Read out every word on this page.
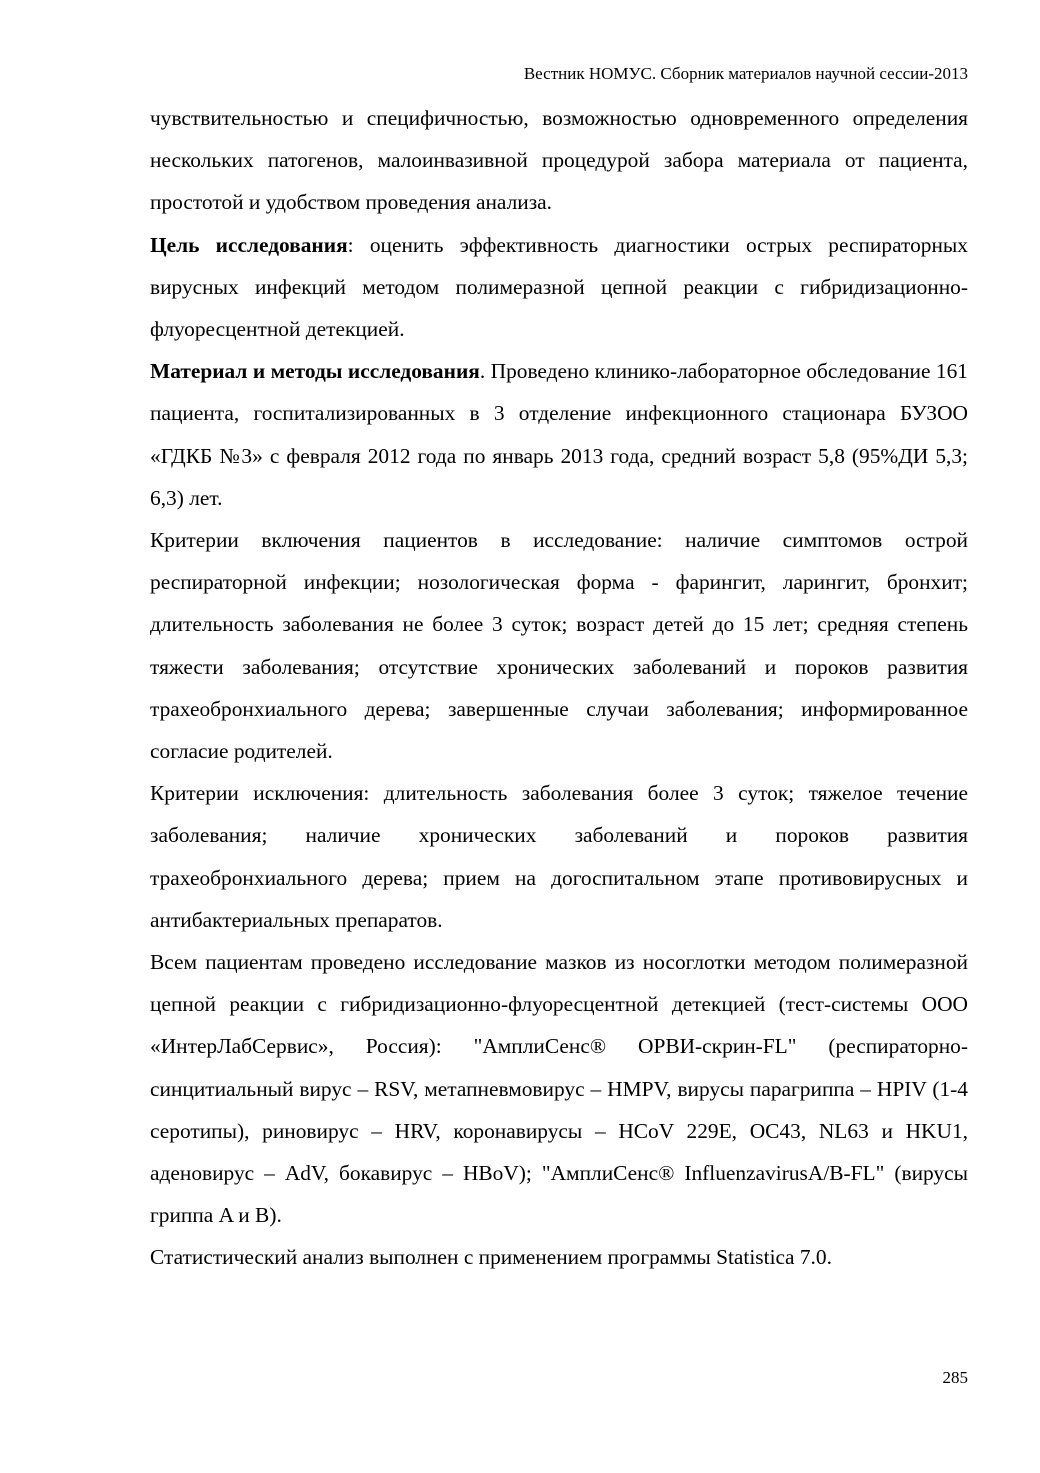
Вестник НОМУС. Сборник материалов научной сессии-2013

чувствительностью и специфичностью, возможностью одновременного определения нескольких патогенов, малоинвазивной процедурой забора материала от пациента, простотой и удобством проведения анализа.

Цель исследования: оценить эффективность диагностики острых респираторных вирусных инфекций методом полимеразной цепной реакции с гибридизационно-флуоресцентной детекцией.

Материал и методы исследования. Проведено клинико-лабораторное обследование 161 пациента, госпитализированных в 3 отделение инфекционного стационара БУЗОО «ГДКБ №3» с февраля 2012 года по январь 2013 года, средний возраст 5,8 (95%ДИ 5,3; 6,3) лет.

Критерии включения пациентов в исследование: наличие симптомов острой респираторной инфекции; нозологическая форма - фарингит, ларингит, бронхит; длительность заболевания не более 3 суток; возраст детей до 15 лет; средняя степень тяжести заболевания; отсутствие хронических заболеваний и пороков развития трахеобронхиального дерева; завершенные случаи заболевания; информированное согласие родителей.

Критерии исключения: длительность заболевания более 3 суток; тяжелое течение заболевания; наличие хронических заболеваний и пороков развития трахеобронхиального дерева; прием на догоспитальном этапе противовирусных и антибактериальных препаратов.

Всем пациентам проведено исследование мазков из носоглотки методом полимеразной цепной реакции с гибридизационно-флуоресцентной детекцией (тест-системы ООО «ИнтерЛабСервис», Россия): "АмплиСенс® ОРВИ-скрин-FL" (респираторно-синцитиальный вирус – RSV, метапневмовирус – HMPV, вирусы парагриппа – HPIV (1-4 серотипы), риновирус – HRV, коронавирусы – HCoV 229E, OC43, NL63 и HKU1, аденовирус – AdV, бокавирус – HBoV); "АмплиСенс® InfluenzavirusA/B-FL" (вирусы гриппа A и B).

Статистический анализ выполнен с применением программы Statistica 7.0.

285
